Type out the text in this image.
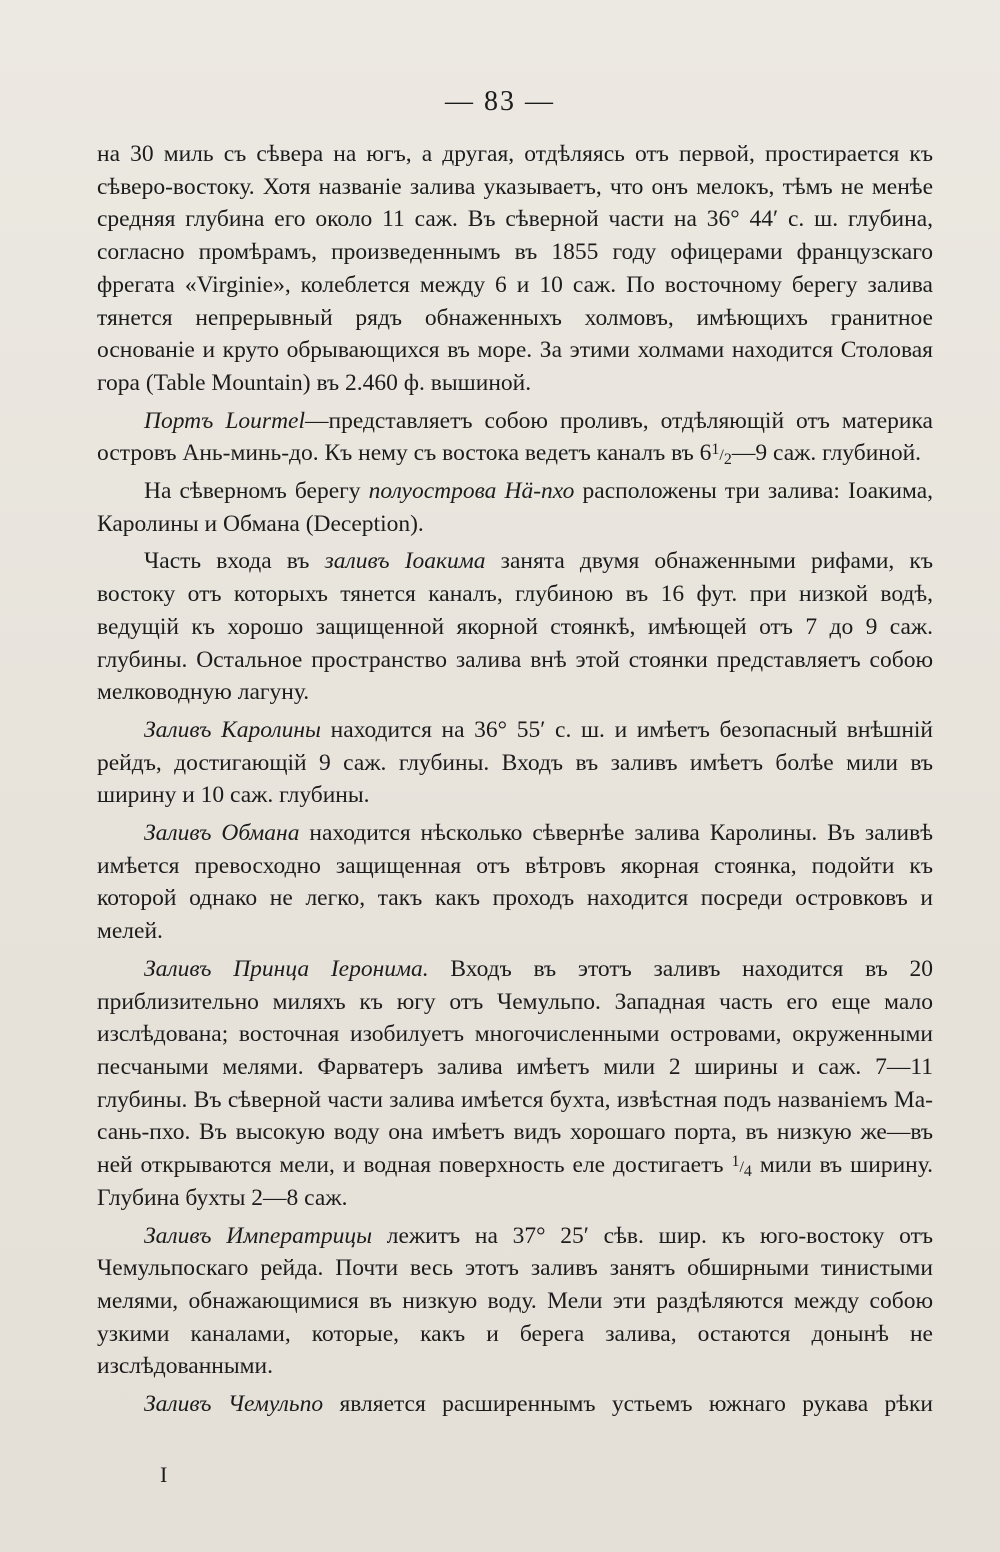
— 83 —

на 30 миль съ сѣвера на югъ, а другая, отдѣляясь отъ первой, простирается къ сѣверо-востоку. Хотя названіе залива указываетъ, что онъ мелокъ, тѣмъ не менѣе средняя глубина его около 11 саж. Въ сѣверной части на 36° 44′ с. ш. глубина, согласно промѣрамъ, произведеннымъ въ 1855 году офицерами французскаго фрегата «Virginie», колеблется между 6 и 10 саж. По восточному берегу залива тянется непрерывный рядъ обнаженныхъ холмовъ, имѣющихъ гранитное основаніе и круто обрывающихся въ море. За этими холмами находится Столовая гора (Table Mountain) въ 2.460 ф. вышиной.

Портъ Lourmel—представляетъ собою проливъ, отдѣляющій отъ материка островъ Ань-минь-до. Къ нему съ востока ведетъ каналъ въ 61/2—9 саж. глубиной.

На сѣверномъ берегу полуострова Нä-пхо расположены три залива: Іоакима, Каролины и Обмана (Deception).

Часть входа въ заливъ Іоакима занята двумя обнаженными рифами, къ востоку отъ которыхъ тянется каналъ, глубиною въ 16 фут. при низкой водѣ, ведущій къ хорошо защищенной якорной стоянкѣ, имѣющей отъ 7 до 9 саж. глубины. Остальное пространство залива внѣ этой стоянки представляетъ собою мелководную лагуну.

Заливъ Каролины находится на 36° 55′ с. ш. и имѣетъ безопасный внѣшній рейдъ, достигающій 9 саж. глубины. Входъ въ заливъ имѣетъ болѣе мили въ ширину и 10 саж. глубины.

Заливъ Обмана находится нѣсколько сѣвернѣе залива Каролины. Въ заливѣ имѣется превосходно защищенная отъ вѣтровъ якорная стоянка, подойти къ которой однако не легко, такъ какъ проходъ находится посреди островковъ и мелей.

Заливъ Принца Іеронима. Входъ въ этотъ заливъ находится въ 20 приблизительно миляхъ къ югу отъ Чемульпо. Западная часть его еще мало изслѣдована; восточная изобилуетъ многочисленными островами, окруженными песчаными мелями. Фарватеръ залива имѣетъ мили 2 ширины и саж. 7—11 глубины. Въ сѣверной части залива имѣется бухта, извѣстная подъ названіемъ Ма-сань-пхо. Въ высокую воду она имѣетъ видъ хорошаго порта, въ низкую же—въ ней открываются мели, и водная поверхность еле достигаетъ 1/4 мили въ ширину. Глубина бухты 2—8 саж.

Заливъ Императрицы лежитъ на 37° 25′ сѣв. шир. къ юго-востоку отъ Чемульпоскаго рейда. Почти весь этотъ заливъ занятъ обширными тинистыми мелями, обнажающимися въ низкую воду. Мели эти раздѣляются между собою узкими каналами, которые, какъ и берега залива, остаются донынѣ не изслѣдованными.

Заливъ Чемульпо является расширеннымъ устьемъ южнаго рукава рѣки

I
